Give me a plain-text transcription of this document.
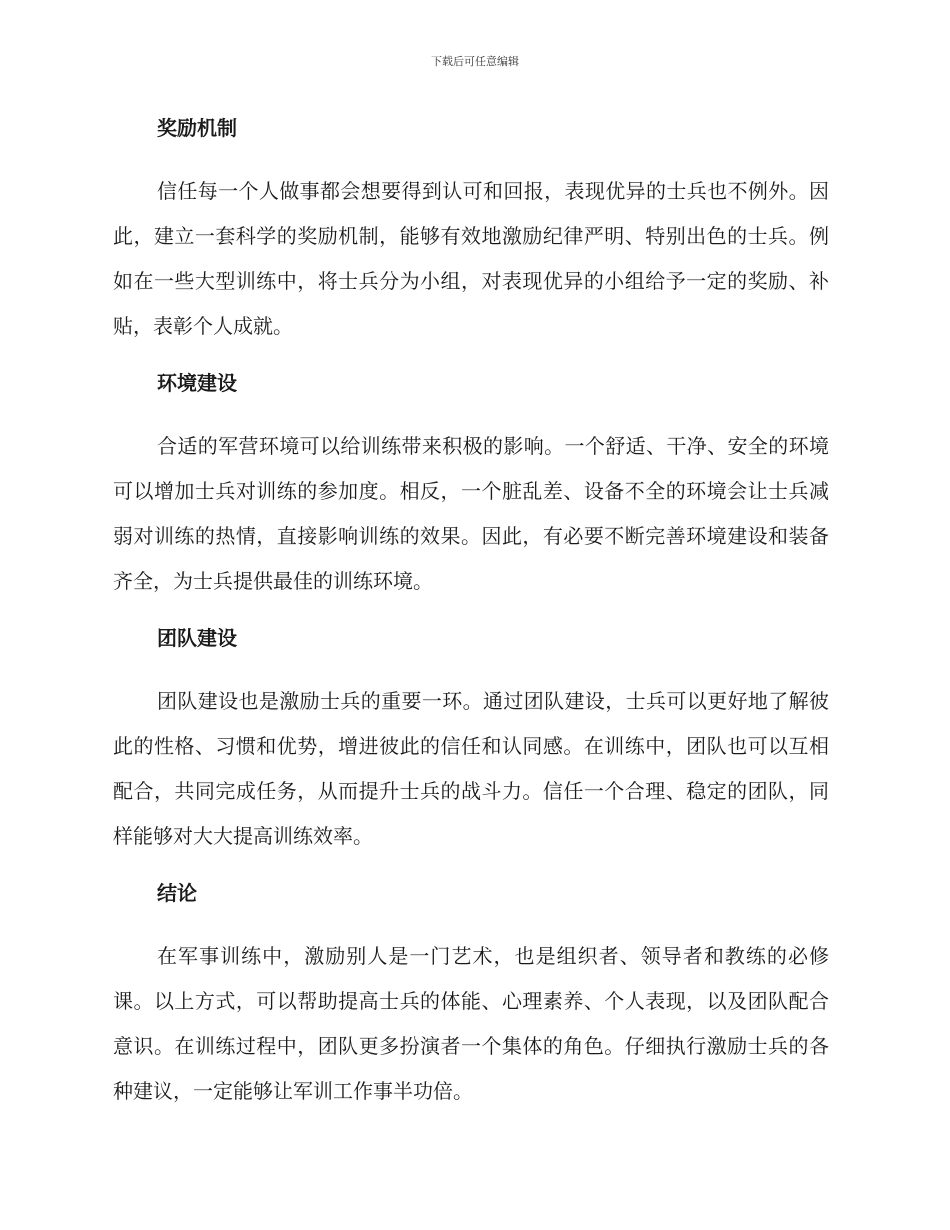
下载后可任意编辑
奖励机制

信任每一个人做事都会想要得到认可和回报，表现优异的士兵也不例外。因此，建立一套科学的奖励机制，能够有效地激励纪律严明、特别出色的士兵。例如在一些大型训练中，将士兵分为小组，对表现优异的小组给予一定的奖励、补贴，表彰个人成就。

环境建设

合适的军营环境可以给训练带来积极的影响。一个舒适、干净、安全的环境可以增加士兵对训练的参加度。相反，一个脏乱差、设备不全的环境会让士兵减弱对训练的热情，直接影响训练的效果。因此，有必要不断完善环境建设和装备齐全，为士兵提供最佳的训练环境。

团队建设

团队建设也是激励士兵的重要一环。通过团队建设，士兵可以更好地了解彼此的性格、习惯和优势，增进彼此的信任和认同感。在训练中，团队也可以互相配合，共同完成任务，从而提升士兵的战斗力。信任一个合理、稳定的团队，同样能够对大大提高训练效率。

结论

在军事训练中，激励别人是一门艺术，也是组织者、领导者和教练的必修课。以上方式，可以帮助提高士兵的体能、心理素养、个人表现，以及团队配合意识。在训练过程中，团队更多扮演者一个集体的角色。仔细执行激励士兵的各种建议，一定能够让军训工作事半功倍。
